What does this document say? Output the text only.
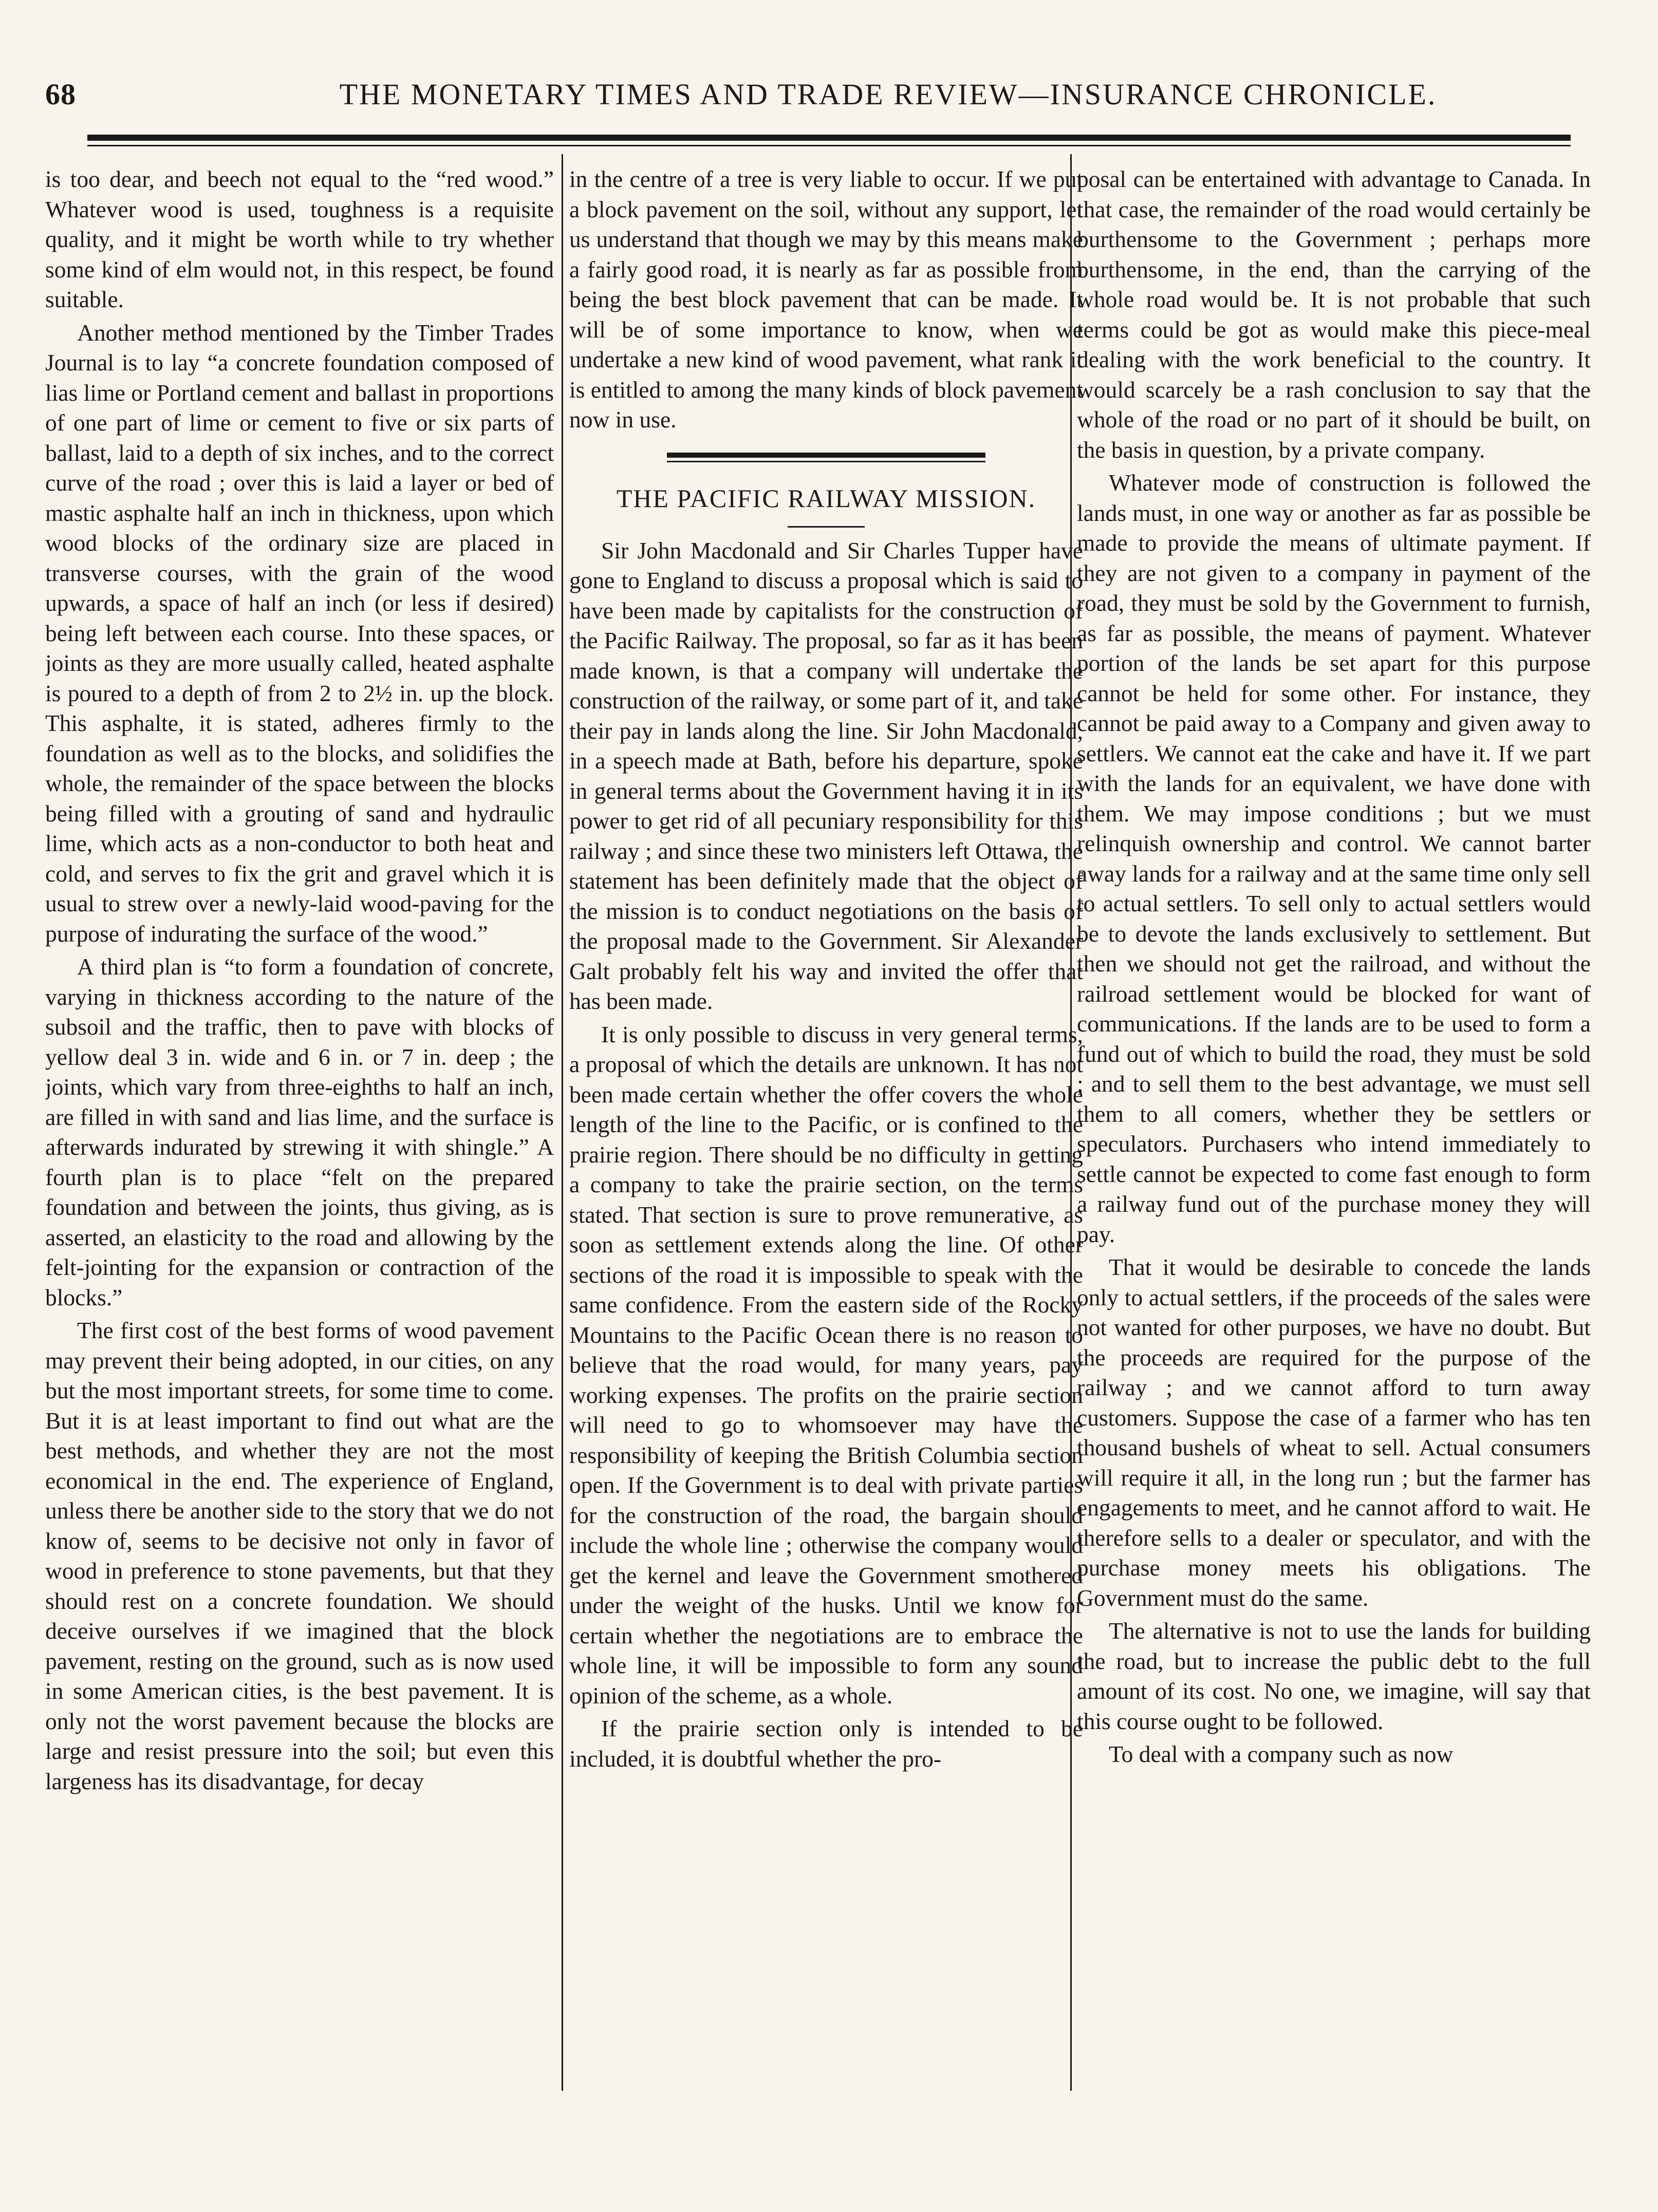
68	THE MONETARY TIMES AND TRADE REVIEW—INSURANCE CHRONICLE.

is too dear, and beech not equal to the “red wood.” Whatever wood is used, toughness is a requisite quality, and it might be worth while to try whether some kind of elm would not, in this respect, be found suitable.

Another method mentioned by the Timber Trades Journal is to lay “a concrete foundation composed of lias lime or Portland cement and ballast in proportions of one part of lime or cement to five or six parts of ballast, laid to a depth of six inches, and to the correct curve of the road ; over this is laid a layer or bed of mastic asphalte half an inch in thickness, upon which wood blocks of the ordinary size are placed in transverse courses, with the grain of the wood upwards, a space of half an inch (or less if desired) being left between each course. Into these spaces, or joints as they are more usually called, heated asphalte is poured to a depth of from 2 to 2½ in. up the block. This asphalte, it is stated, adheres firmly to the foundation as well as to the blocks, and solidifies the whole, the remainder of the space between the blocks being filled with a grouting of sand and hydraulic lime, which acts as a non-conductor to both heat and cold, and serves to fix the grit and gravel which it is usual to strew over a newly-laid wood-paving for the purpose of indurating the surface of the wood.”

A third plan is “to form a foundation of concrete, varying in thickness according to the nature of the subsoil and the traffic, then to pave with blocks of yellow deal 3 in. wide and 6 in. or 7 in. deep ; the joints, which vary from three-eighths to half an inch, are filled in with sand and lias lime, and the surface is afterwards indurated by strewing it with shingle.” A fourth plan is to place “felt on the prepared foundation and between the joints, thus giving, as is asserted, an elasticity to the road and allowing by the felt-jointing for the expansion or contraction of the blocks.”

The first cost of the best forms of wood pavement may prevent their being adopted, in our cities, on any but the most important streets, for some time to come. But it is at least important to find out what are the best methods, and whether they are not the most economical in the end. The experience of England, unless there be another side to the story that we do not know of, seems to be decisive not only in favor of wood in preference to stone pavements, but that they should rest on a concrete foundation. We should deceive ourselves if we imagined that the block pavement, resting on the ground, such as is now used in some American cities, is the best pavement. It is only not the worst pavement because the blocks are large and resist pressure into the soil; but even this largeness has its disadvantage, for decay

in the centre of a tree is very liable to occur. If we put a block pavement on the soil, without any support, let us understand that though we may by this means make a fairly good road, it is nearly as far as possible from being the best block pavement that can be made. It will be of some importance to know, when we undertake a new kind of wood pavement, what rank it is entitled to among the many kinds of block pavement now in use.

THE PACIFIC RAILWAY MISSION.

Sir John Macdonald and Sir Charles Tupper have gone to England to discuss a proposal which is said to have been made by capitalists for the construction of the Pacific Railway. The proposal, so far as it has been made known, is that a company will undertake the construction of the railway, or some part of it, and take their pay in lands along the line. Sir John Macdonald, in a speech made at Bath, before his departure, spoke in general terms about the Government having it in its power to get rid of all pecuniary responsibility for this railway ; and since these two ministers left Ottawa, the statement has been definitely made that the object of the mission is to conduct negotiations on the basis of the proposal made to the Government. Sir Alexander Galt probably felt his way and invited the offer that has been made.

It is only possible to discuss in very general terms, a proposal of which the details are unknown. It has not been made certain whether the offer covers the whole length of the line to the Pacific, or is confined to the prairie region. There should be no difficulty in getting a company to take the prairie section, on the terms stated. That section is sure to prove remunerative, as soon as settlement extends along the line. Of other sections of the road it is impossible to speak with the same confidence. From the eastern side of the Rocky Mountains to the Pacific Ocean there is no reason to believe that the road would, for many years, pay working expenses. The profits on the prairie section will need to go to whomsoever may have the responsibility of keeping the British Columbia section open. If the Government is to deal with private parties for the construction of the road, the bargain should include the whole line ; otherwise the company would get the kernel and leave the Government smothered under the weight of the husks. Until we know for certain whether the negotiations are to embrace the whole line, it will be impossible to form any sound opinion of the scheme, as a whole.

If the prairie section only is intended to be included, it is doubtful whether the pro-

posal can be entertained with advantage to Canada. In that case, the remainder of the road would certainly be burthensome to the Government ; perhaps more burthensome, in the end, than the carrying of the whole road would be. It is not probable that such terms could be got as would make this piece-meal dealing with the work beneficial to the country. It would scarcely be a rash conclusion to say that the whole of the road or no part of it should be built, on the basis in question, by a private company.

Whatever mode of construction is followed the lands must, in one way or another as far as possible be made to provide the means of ultimate payment. If they are not given to a company in payment of the road, they must be sold by the Government to furnish, as far as possible, the means of payment. Whatever portion of the lands be set apart for this purpose cannot be held for some other. For instance, they cannot be paid away to a Company and given away to settlers. We cannot eat the cake and have it. If we part with the lands for an equivalent, we have done with them. We may impose conditions ; but we must relinquish ownership and control. We cannot barter away lands for a railway and at the same time only sell to actual settlers. To sell only to actual settlers would be to devote the lands exclusively to settlement. But then we should not get the railroad, and without the railroad settlement would be blocked for want of communications. If the lands are to be used to form a fund out of which to build the road, they must be sold ; and to sell them to the best advantage, we must sell them to all comers, whether they be settlers or speculators. Purchasers who intend immediately to settle cannot be expected to come fast enough to form a railway fund out of the purchase money they will pay.

That it would be desirable to concede the lands only to actual settlers, if the proceeds of the sales were not wanted for other purposes, we have no doubt. But the proceeds are required for the purpose of the railway ; and we cannot afford to turn away customers. Suppose the case of a farmer who has ten thousand bushels of wheat to sell. Actual consumers will require it all, in the long run ; but the farmer has engagements to meet, and he cannot afford to wait. He therefore sells to a dealer or speculator, and with the purchase money meets his obligations. The Government must do the same.

The alternative is not to use the lands for building the road, but to increase the public debt to the full amount of its cost. No one, we imagine, will say that this course ought to be followed.

To deal with a company such as now
